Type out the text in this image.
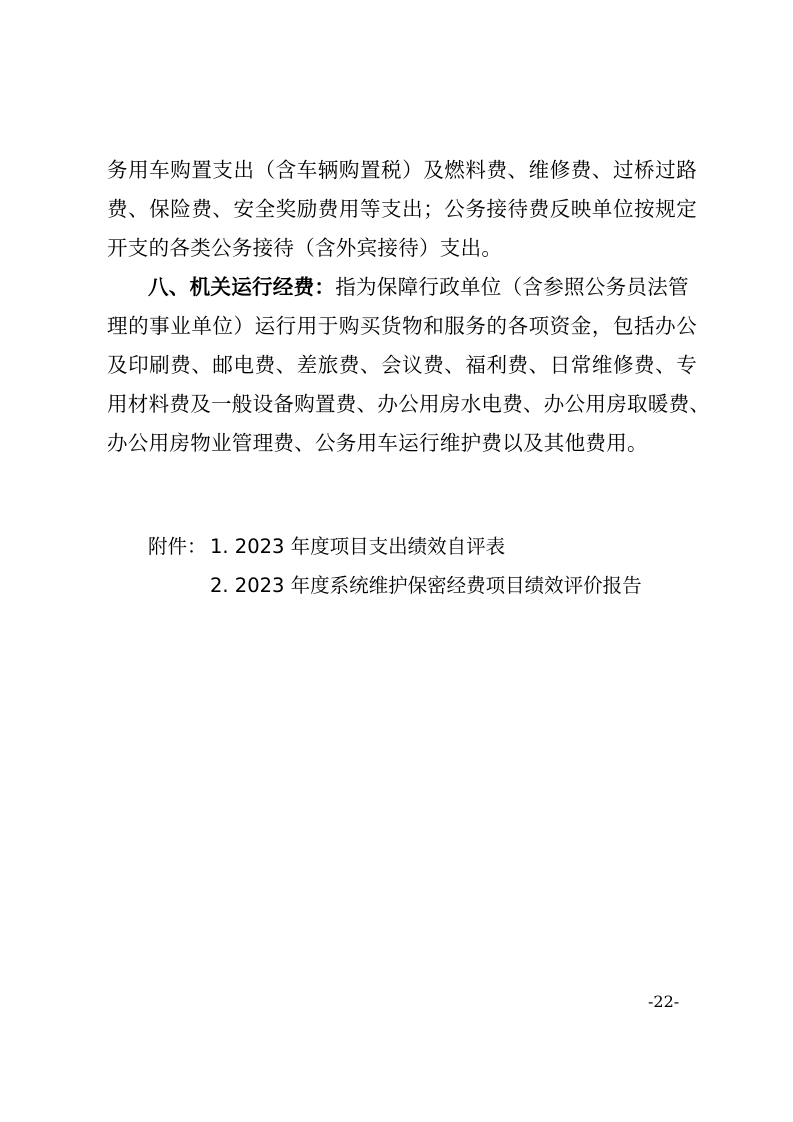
务用车购置支出（含车辆购置税）及燃料费、维修费、过桥过路
费、保险费、安全奖励费用等支出；公务接待费反映单位按规定
开支的各类公务接待（含外宾接待）支出。
八、机关运行经费：指为保障行政单位（含参照公务员法管
理的事业单位）运行用于购买货物和服务的各项资金，包括办公
及印刷费、邮电费、差旅费、会议费、福利费、日常维修费、专
用材料费及一般设备购置费、办公用房水电费、办公用房取暖费、
办公用房物业管理费、公务用车运行维护费以及其他费用。
附件： 1. 2023 年度项目支出绩效自评表
2. 2023 年度系统维护保密经费项目绩效评价报告
-22-
